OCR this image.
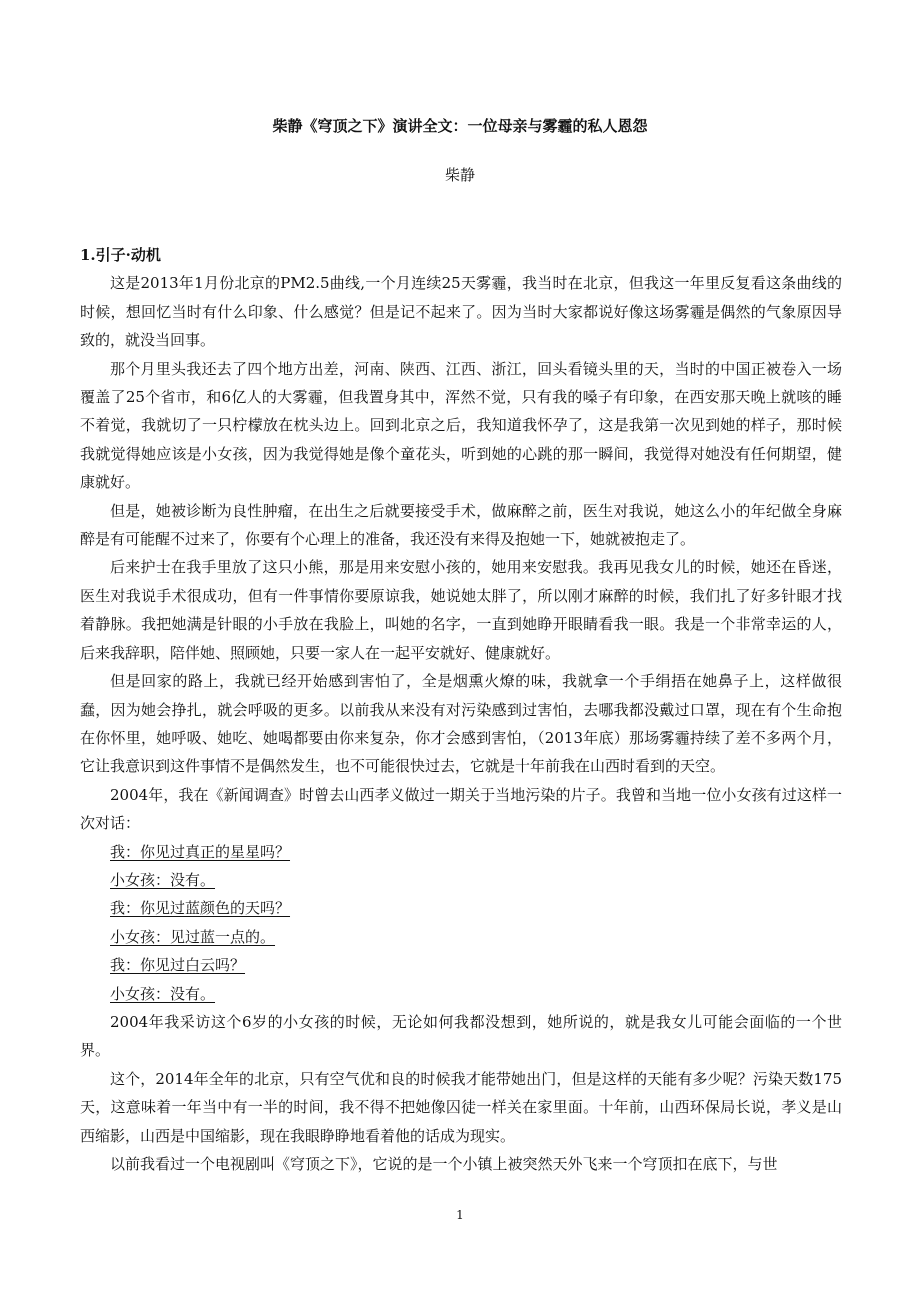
柴静《穹顶之下》演讲全文：一位母亲与雾霾的私人恩怨
柴静

1.引子·动机

这是2013年1月份北京的PM2.5曲线,一个月连续25天雾霾，我当时在北京，但我这一年里反复看这条曲线的时候，想回忆当时有什么印象、什么感觉？但是记不起来了。因为当时大家都说好像这场雾霾是偶然的气象原因导致的，就没当回事。

那个月里头我还去了四个地方出差，河南、陕西、江西、浙江，回头看镜头里的天，当时的中国正被卷入一场覆盖了25个省市，和6亿人的大雾霾，但我置身其中，浑然不觉，只有我的嗓子有印象，在西安那天晚上就咳的睡不着觉，我就切了一只柠檬放在枕头边上。回到北京之后，我知道我怀孕了，这是我第一次见到她的样子，那时候我就觉得她应该是小女孩，因为我觉得她是像个童花头，听到她的心跳的那一瞬间，我觉得对她没有任何期望，健康就好。

但是，她被诊断为良性肿瘤，在出生之后就要接受手术，做麻醉之前，医生对我说，她这么小的年纪做全身麻醉是有可能醒不过来了，你要有个心理上的准备，我还没有来得及抱她一下，她就被抱走了。

后来护士在我手里放了这只小熊，那是用来安慰小孩的，她用来安慰我。我再见我女儿的时候，她还在昏迷，医生对我说手术很成功，但有一件事情你要原谅我，她说她太胖了，所以刚才麻醉的时候，我们扎了好多针眼才找着静脉。我把她满是针眼的小手放在我脸上，叫她的名字，一直到她睁开眼睛看我一眼。我是一个非常幸运的人，后来我辞职，陪伴她、照顾她，只要一家人在一起平安就好、健康就好。

但是回家的路上，我就已经开始感到害怕了，全是烟熏火燎的味，我就拿一个手绢捂在她鼻子上，这样做很蠢，因为她会挣扎，就会呼吸的更多。以前我从来没有对污染感到过害怕，去哪我都没戴过口罩，现在有个生命抱在你怀里，她呼吸、她吃、她喝都要由你来复杂，你才会感到害怕，（2013年底）那场雾霾持续了差不多两个月，它让我意识到这件事情不是偶然发生，也不可能很快过去，它就是十年前我在山西时看到的天空。

2004年，我在《新闻调查》时曾去山西孝义做过一期关于当地污染的片子。我曾和当地一位小女孩有过这样一次对话：

我：你见过真正的星星吗？

小女孩：没有。

我：你见过蓝颜色的天吗？

小女孩：见过蓝一点的。

我：你见过白云吗？

小女孩：没有。

2004年我采访这个6岁的小女孩的时候，无论如何我都没想到，她所说的，就是我女儿可能会面临的一个世界。

这个，2014年全年的北京，只有空气优和良的时候我才能带她出门，但是这样的天能有多少呢？污染天数175天，这意味着一年当中有一半的时间，我不得不把她像囚徒一样关在家里面。十年前，山西环保局长说，孝义是山西缩影，山西是中国缩影，现在我眼睁睁地看着他的话成为现实。

以前我看过一个电视剧叫《穹顶之下》，它说的是一个小镇上被突然天外飞来一个穹顶扣在底下，与世

1
